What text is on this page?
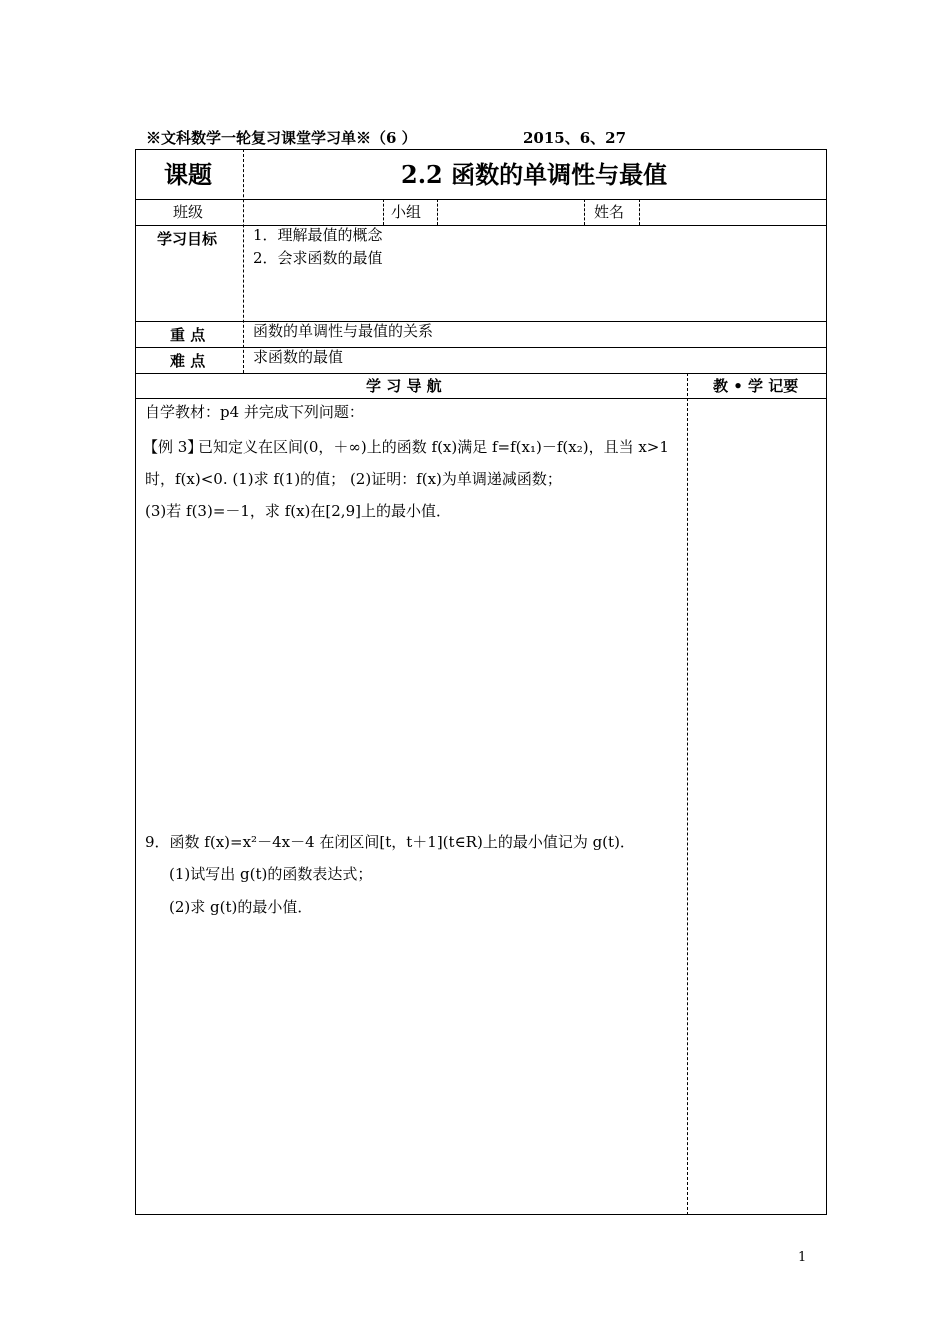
※文科数学一轮复习课堂学习单※（6 ）	2015、6、27
课题	2.2 函数的单调性与最值
班级	小组	姓名
学习目标 1．理解最值的概念
2．会求函数的最值
重 点	函数的单调性与最值的关系
难 点	求函数的最值
学 习 导 航	教 • 学 记要
自学教材：p4 并完成下列问题：
【例 3】
已知定义在区间(0，＋∞)上的函数 f(x)满足 f=f(x₁)－f(x₂)，且当 x>1
时，f(x)<0. (1)求 f(1)的值； (2)证明：f(x)为单调递减函数；
(3)若 f(3)=－1，求 f(x)在[2,9]上的最小值．
9．函数 f(x)=x²－4x－4 在闭区间[t，t＋1](t∈R)上的最小值记为 g(t)．
(1)试写出 g(t)的函数表达式；
(2)求 g(t)的最小值．
1
